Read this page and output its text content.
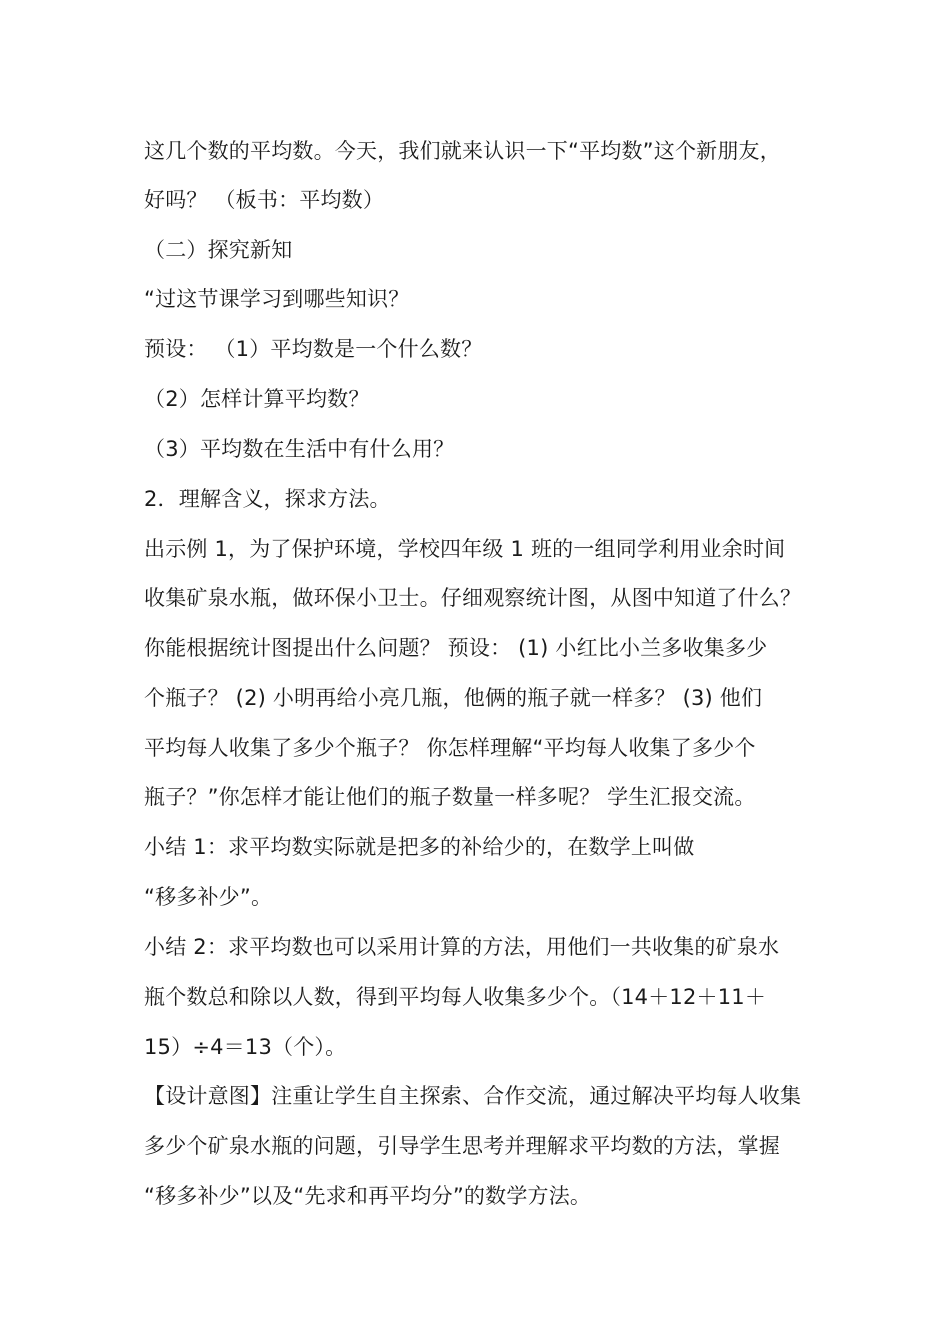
这几个数的平均数。今天，我们就来认识一下“平均数”这个新朋友，
好吗？ （板书：平均数）
（二）探究新知
“过这节课学习到哪些知识？
预设： （1）平均数是一个什么数？
（2）怎样计算平均数？
（3）平均数在生活中有什么用？
2．理解含义，探求方法。
出示例 1，为了保护环境，学校四年级 1 班的一组同学利用业余时间
收集矿泉水瓶，做环保小卫士。仔细观察统计图，从图中知道了什么？
你能根据统计图提出什么问题？ 预设： (1) 小红比小兰多收集多少
个瓶子？ (2) 小明再给小亮几瓶，他俩的瓶子就一样多？ (3) 他们
平均每人收集了多少个瓶子？ 你怎样理解“平均每人收集了多少个
瓶子？”你怎样才能让他们的瓶子数量一样多呢？ 学生汇报交流。
小结 1：求平均数实际就是把多的补给少的，在数学上叫做
“移多补少”。
小结 2：求平均数也可以采用计算的方法，用他们一共收集的矿泉水
瓶个数总和除以人数，得到平均每人收集多少个。（14＋12＋11＋
15）÷4＝13（个）。
【设计意图】注重让学生自主探索、合作交流，通过解决平均每人收集
多少个矿泉水瓶的问题，引导学生思考并理解求平均数的方法，掌握
“移多补少”以及“先求和再平均分”的数学方法。
